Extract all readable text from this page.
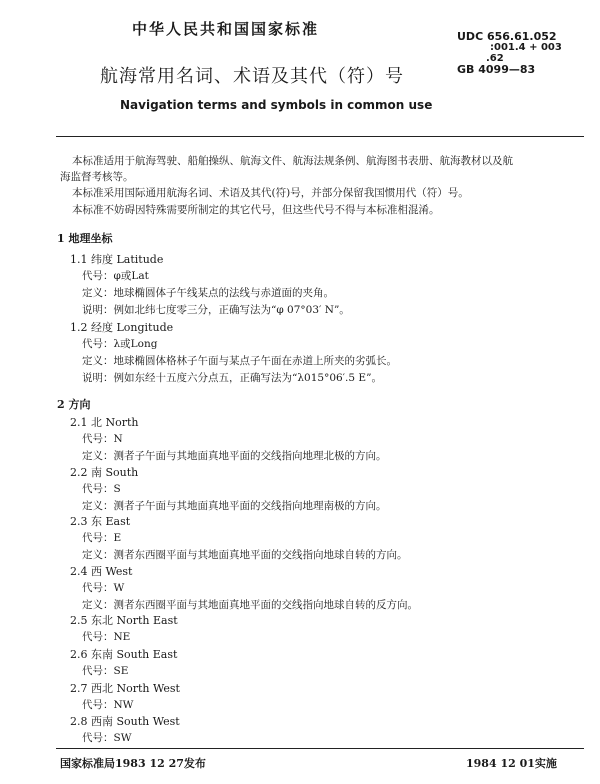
中华人民共和国国家标准	UDC 656.61.052
:001.4 + 003
.62
GB 4099—83
航海常用名词、术语及其代（符）号
Navigation terms and symbols in common use
本标准适用于航海驾驶、船舶操纵、航海文件、航海法规条例、航海图书表册、航海教材以及航
海监督考核等。
本标准采用国际通用航海名词、术语及其代(符)号，并部分保留我国惯用代（符）号。
本标准不妨碍因特殊需要所制定的其它代号，但这些代号不得与本标准相混淆。
1 地理坐标
1.1 纬度 Latitude
代号：φ或Lat
定义：地球椭圆体子午线某点的法线与赤道面的夹角。
说明：例如北纬七度零三分，正确写法为“φ 07°03′ N”。
1.2 经度 Longitude
代号：λ或Long
定义：地球椭圆体格林子午面与某点子午面在赤道上所夹的劣弧长。
说明：例如东经十五度六分点五，正确写法为“λ015°06′.5 E”。
2 方向
2.1 北 North
代号：N
定义：测者子午面与其地面真地平面的交线指向地理北极的方向。
2.2 南 South
代号：S
定义：测者子午面与其地面真地平面的交线指向地理南极的方向。
2.3 东 East
代号：E
定义：测者东西圈平面与其地面真地平面的交线指向地球自转的方向。
2.4 西 West
代号：W
定义：测者东西圈平面与其地面真地平面的交线指向地球自转的反方向。
2.5 东北 North East
代号：NE
2.6 东南 South East
代号：SE
2.7 西北 North West
代号：NW
2.8 西南 South West
代号：SW
国家标准局1983 12 27发布	1984 12 01实施
